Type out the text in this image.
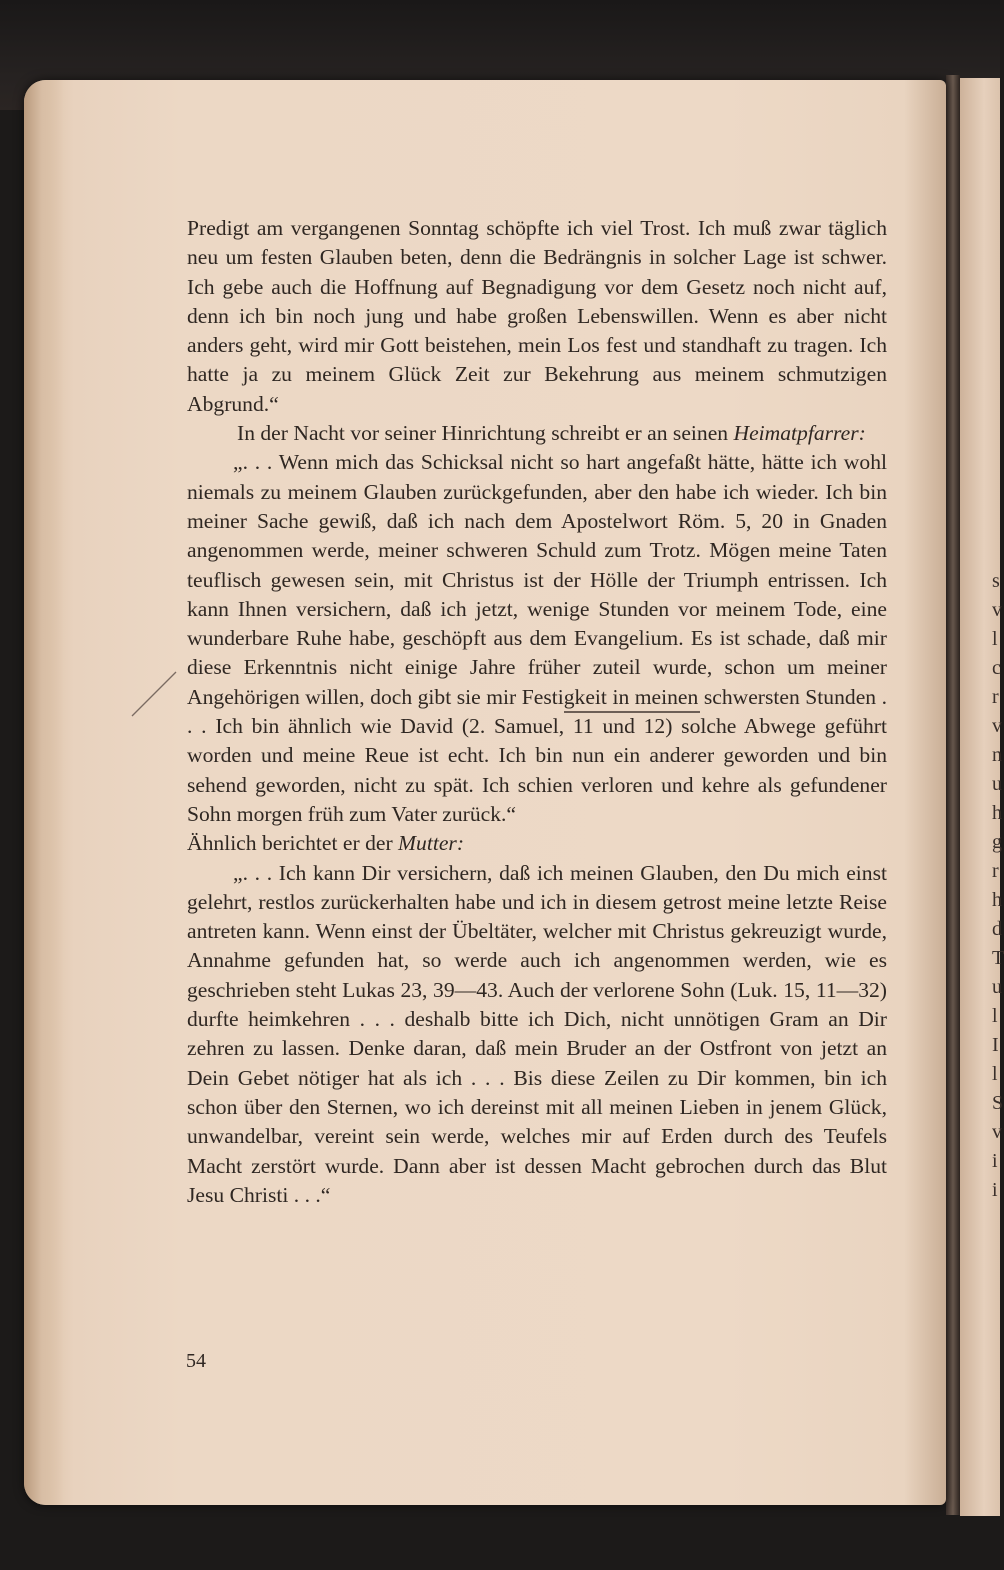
s
v
l
c
r
v
n
u
h
g
r
h
d
T
u
l
I
l
S
v
i
i

Predigt am vergangenen Sonntag schöpfte ich viel Trost. Ich muß zwar täglich neu um festen Glauben beten, denn die Bedrängnis in solcher Lage ist schwer. Ich gebe auch die Hoffnung auf Begnadigung vor dem Gesetz noch nicht auf, denn ich bin noch jung und habe großen Lebenswillen. Wenn es aber nicht anders geht, wird mir Gott beistehen, mein Los fest und standhaft zu tragen. Ich hatte ja zu meinem Glück Zeit zur Bekehrung aus meinem schmutzigen Abgrund.“

In der Nacht vor seiner Hinrichtung schreibt er an seinen Heimatpfarrer:

„. . . Wenn mich das Schicksal nicht so hart angefaßt hätte, hätte ich wohl niemals zu meinem Glauben zurückgefunden, aber den habe ich wieder. Ich bin meiner Sache gewiß, daß ich nach dem Apostelwort Röm. 5, 20 in Gnaden angenommen werde, meiner schweren Schuld zum Trotz. Mögen meine Taten teuflisch gewesen sein, mit Christus ist der Hölle der Triumph entrissen. Ich kann Ihnen versichern, daß ich jetzt, wenige Stunden vor meinem Tode, eine wunderbare Ruhe habe, geschöpft aus dem Evangelium. Es ist schade, daß mir diese Erkenntnis nicht einige Jahre früher zuteil wurde, schon um meiner Angehörigen willen, doch gibt sie mir Festigkeit in meinen schwersten Stunden . . . Ich bin ähnlich wie David (2. Samuel, 11 und 12) solche Abwege geführt worden und meine Reue ist echt. Ich bin nun ein anderer geworden und bin sehend geworden, nicht zu spät. Ich schien verloren und kehre als gefundener Sohn morgen früh zum Vater zurück.“

Ähnlich berichtet er der Mutter:

„. . . Ich kann Dir versichern, daß ich meinen Glauben, den Du mich einst gelehrt, restlos zurückerhalten habe und ich in diesem getrost meine letzte Reise antreten kann. Wenn einst der Übeltäter, welcher mit Christus gekreuzigt wurde, Annahme gefunden hat, so werde auch ich angenommen werden, wie es geschrieben steht Lukas 23, 39—43. Auch der verlorene Sohn (Luk. 15, 11—32) durfte heimkehren . . . deshalb bitte ich Dich, nicht unnötigen Gram an Dir zehren zu lassen. Denke daran, daß mein Bruder an der Ostfront von jetzt an Dein Gebet nötiger hat als ich . . . Bis diese Zeilen zu Dir kommen, bin ich schon über den Sternen, wo ich dereinst mit all meinen Lieben in jenem Glück, unwandelbar, vereint sein werde, welches mir auf Erden durch des Teufels Macht zerstört wurde. Dann aber ist dessen Macht gebrochen durch das Blut Jesu Christi . . .“

54
